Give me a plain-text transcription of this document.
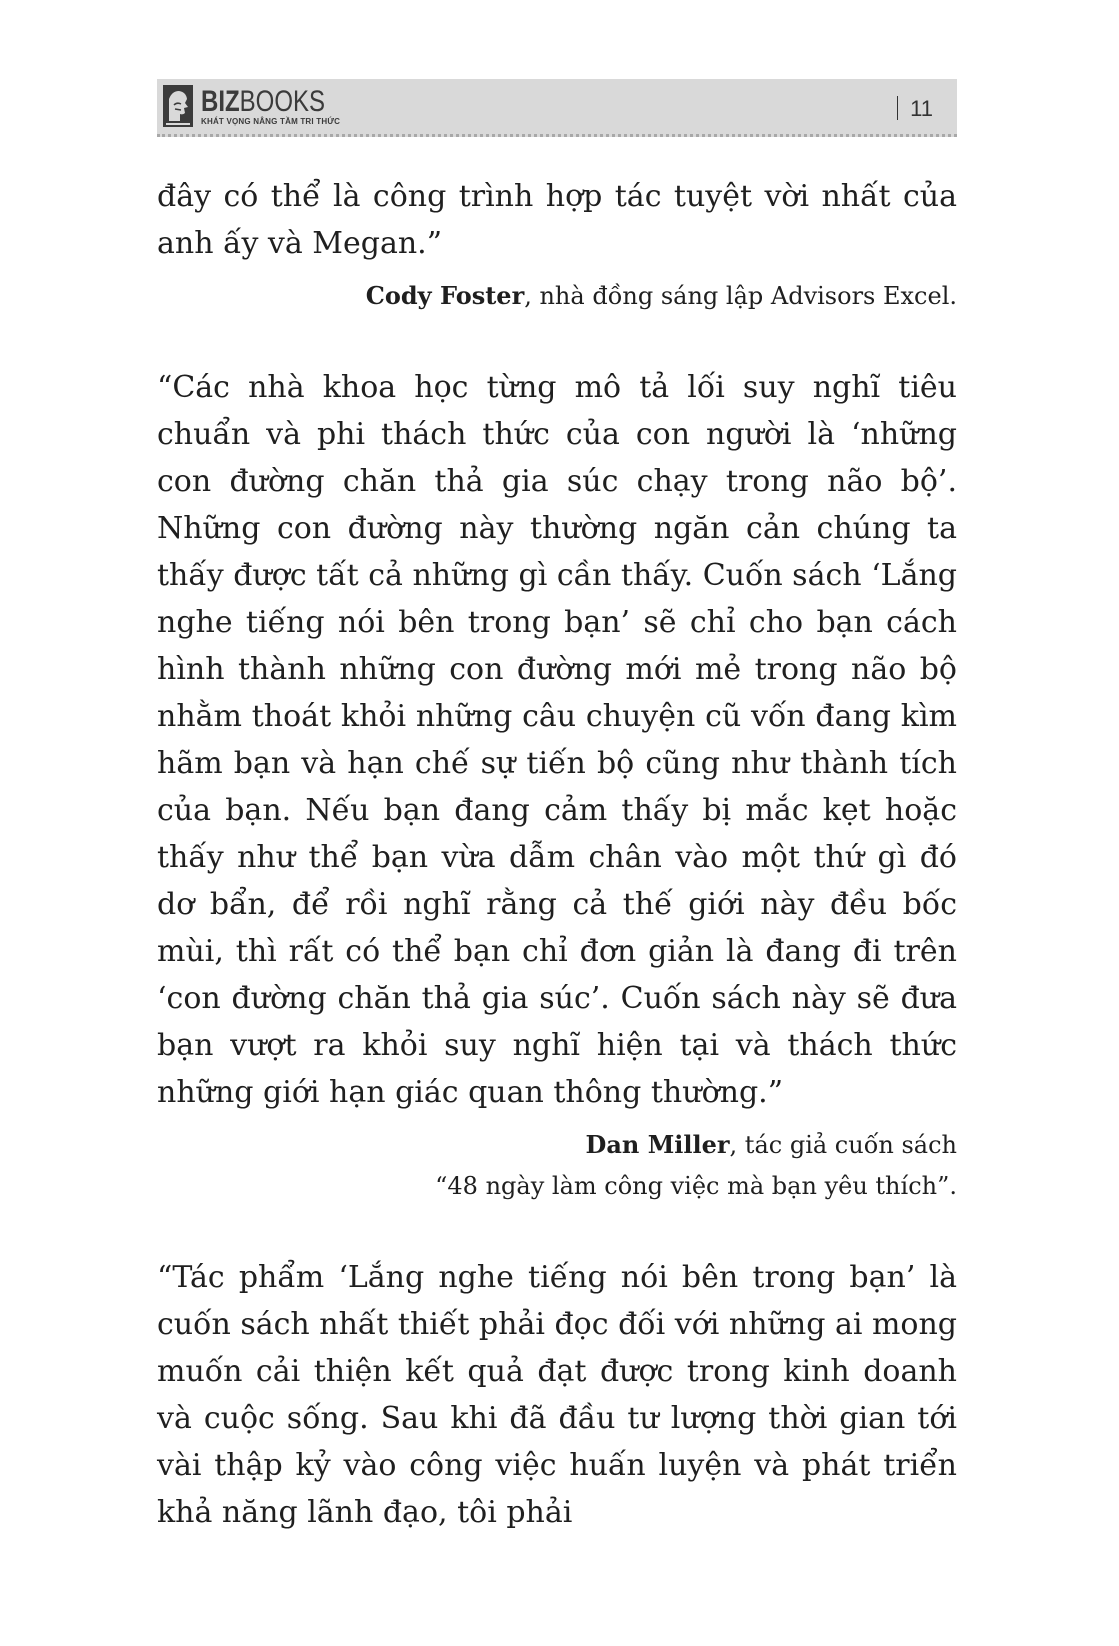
BIZBOOKS
KHÁT VỌNG NÂNG TẦM TRI THỨC	11

đây có thể là công trình hợp tác tuyệt vời nhất của anh ấy và Megan.”

Cody Foster, nhà đồng sáng lập Advisors Excel.

“Các nhà khoa học từng mô tả lối suy nghĩ tiêu chuẩn và phi thách thức của con người là ‘những con đường chăn thả gia súc chạy trong não bộ’. Những con đường này thường ngăn cản chúng ta thấy được tất cả những gì cần thấy. Cuốn sách ‘Lắng nghe tiếng nói bên trong bạn’ sẽ chỉ cho bạn cách hình thành những con đường mới mẻ trong não bộ nhằm thoát khỏi những câu chuyện cũ vốn đang kìm hãm bạn và hạn chế sự tiến bộ cũng như thành tích của bạn. Nếu bạn đang cảm thấy bị mắc kẹt hoặc thấy như thể bạn vừa dẫm chân vào một thứ gì đó dơ bẩn, để rồi nghĩ rằng cả thế giới này đều bốc mùi, thì rất có thể bạn chỉ đơn giản là đang đi trên ‘con đường chăn thả gia súc’. Cuốn sách này sẽ đưa bạn vượt ra khỏi suy nghĩ hiện tại và thách thức những giới hạn giác quan thông thường.”

Dan Miller, tác giả cuốn sách

“48 ngày làm công việc mà bạn yêu thích”.

“Tác phẩm ‘Lắng nghe tiếng nói bên trong bạn’ là cuốn sách nhất thiết phải đọc đối với những ai mong muốn cải thiện kết quả đạt được trong kinh doanh và cuộc sống. Sau khi đã đầu tư lượng thời gian tới vài thập kỷ vào công việc huấn luyện và phát triển khả năng lãnh đạo, tôi phải
